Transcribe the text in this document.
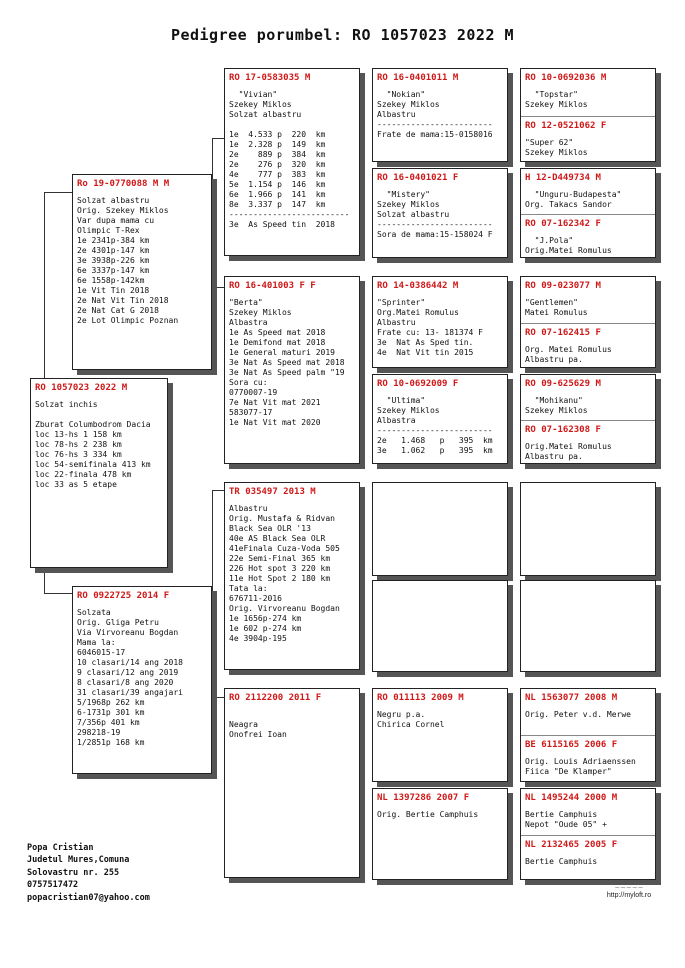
Pedigree porumbel: RO 1057023 2022 M
RO 1057023 2022 M
Solzat inchis

Zburat Columbodrom Dacia
loc 13-hs 1 158 km
loc 78-hs 2 238 km
loc 76-hs 3 334 km
loc 54-semifinala 413 km
loc 22-finala 478 km
loc 33 as 5 etape
Ro 19-0770088 M M
Solzat albastru
Orig. Szekey Miklos
Var dupa mama cu
Olimpic T-Rex
1e 2341p-384 km
2e 4301p-147 km
3e 3938p-226 km
6e 3337p-147 km
6e 1558p-142km
1e Vit Tin 2018
2e Nat Vit Tin 2018
2e Nat Cat G 2018
2e Lot Olimpic Poznan
RO 0922725 2014 F
Solzata
Orig. Gliga Petru
Via Virvoreanu Bogdan
Mama la:
6046015-17
10 clasari/14 ang 2018
9 clasari/12 ang 2019
8 clasari/8 ang 2020
31 clasari/39 angajari
5/1968p 262 km
6-1731p 301 km
7/356p 401 km
298218-19
1/2851p 168 km
RO 17-0583035 M
"Vivian"
Szekey Miklos
Solzat albastru

1e  4.533 p  220  km
1e  2.328 p  149  km
2e    889 p  384  km
2e    276 p  320  km
4e    777 p  383  km
5e  1.154 p  146  km
6e  1.966 p  141  km
8e  3.337 p  147  km
-------------------------
3e  As Speed tin  2018
RO 16-401003 F F
"Berta"
Szekey Miklos
Albastra
1e As Speed mat 2018
1e Demifond mat 2018
1e General maturi 2019
3e Nat As Speed mat 2018
3e Nat As Speed palm "19
Sora cu:
0770007-19
7e Nat Vit mat 2021
583077-17
1e Nat Vit mat 2020
TR 035497 2013 M
Albastru
Orig. Mustafa & Ridvan
Black Sea OLR '13
40e AS Black Sea OLR
41eFinala Cuza-Voda 505
22e Semi-Final 365 km
226 Hot spot 3 220 km
11e Hot Spot 2 180 km
Tata la:
676711-2016
Orig. Virvoreanu Bogdan
1e 1656p-274 km
1e 602 p-274 km
4e 3904p-195
RO 2112200 2011 F

Neagra
Onofrei Ioan
RO 16-0401011 M
"Nokian"
Szekey Miklos
Albastru
------------------------
Frate de mama:15-0158016
RO 16-0401021 F
"Mistery"
Szekey Miklos
Solzat albastru
------------------------
Sora de mama:15-158024 F
RO 14-0386442 M
"Sprinter"
Org.Matei Romulus
Albastru
Frate cu: 13- 181374 F
3e  Nat As Sped tin.
4e  Nat Vit tin 2015
RO 10-0692009 F
"Ultima"
Szekey Miklos
Albastra
------------------------
2e   1.468   p   395  km
3e   1.062   p   395  km
RO 011113 2009 M
Negru p.a.
Chirica Cornel
NL 1397286 2007 F
Orig. Bertie Camphuis
RO 10-0692036 M
"Topstar"
Szekey Miklos
RO 12-0521062 F
"Super 62"
Szekey Miklos
H 12-D449734 M
"Unguru-Budapesta"
Org. Takacs Sandor
RO 07-162342 F
"J.Pola"
Orig.Matei Romulus
RO 09-023077 M
"Gentlemen"
Matei Romulus
RO 07-162415 F
Org. Matei Romulus
Albastru pa.
RO 09-625629 M
"Mohikanu"
Szekey Miklos
RO 07-162308 F
Orig.Matei Romulus
Albastru pa.
NL 1563077 2008 M
Orig. Peter v.d. Merwe
BE 6115165 2006 F
Orig. Louis Adriaenssen
Fiica "De Klamper"
NL 1495244 2000 M
Bertie Camphuis
Nepot "Oude 05" +
NL 2132465 2005 F
Bertie Camphuis
Popa Cristian
Judetul Mures,Comuna
Solovastru nr. 255
0757517472
popacristian07@yahoo.com
~~~~~
http://myloft.ro
